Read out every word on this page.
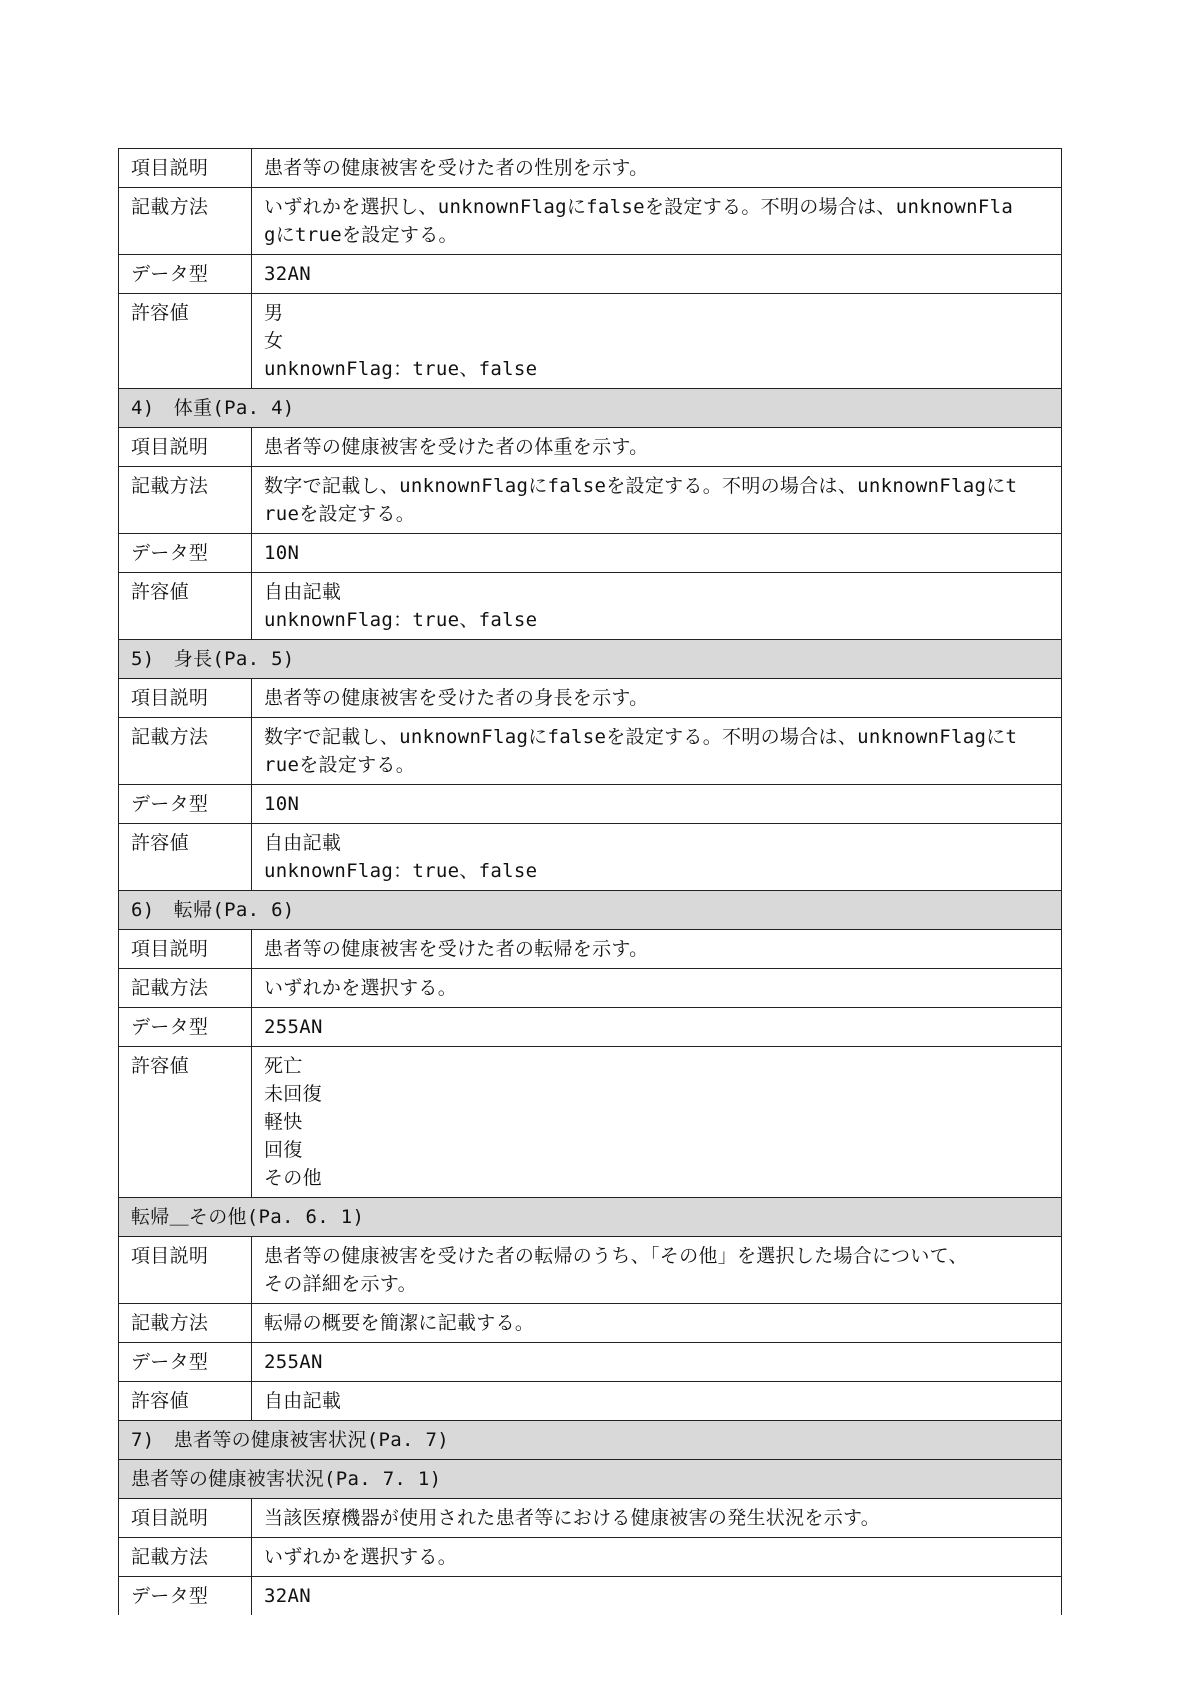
項目説明	患者等の健康被害を受けた者の性別を示す。

記載方法	いずれかを選択し、unknownFlagにfalseを設定する。不明の場合は、unknownFla
gにtrueを設定する。

データ型	32AN

許容値	男
女
unknownFlag：true、false

4)　体重(Pa. 4)	
項目説明	患者等の健康被害を受けた者の体重を示す。

記載方法	数字で記載し、unknownFlagにfalseを設定する。不明の場合は、unknownFlagにt
rueを設定する。

データ型	10N

許容値	自由記載
unknownFlag：true、false

5)　身長(Pa. 5)	
項目説明	患者等の健康被害を受けた者の身長を示す。

記載方法	数字で記載し、unknownFlagにfalseを設定する。不明の場合は、unknownFlagにt
rueを設定する。

データ型	10N

許容値	自由記載
unknownFlag：true、false

6)　転帰(Pa. 6)	
項目説明	患者等の健康被害を受けた者の転帰を示す。

記載方法	いずれかを選択する。

データ型	255AN

許容値	死亡
未回復
軽快
回復
その他

転帰＿その他(Pa. 6. 1)	
項目説明	患者等の健康被害を受けた者の転帰のうち、「その他」を選択した場合について、
その詳細を示す。

記載方法	転帰の概要を簡潔に記載する。

データ型	255AN

許容値	自由記載

7)　患者等の健康被害状況(Pa. 7)	
患者等の健康被害状況(Pa. 7. 1)	
項目説明	当該医療機器が使用された患者等における健康被害の発生状況を示す。

記載方法	いずれかを選択する。

データ型	32AN
